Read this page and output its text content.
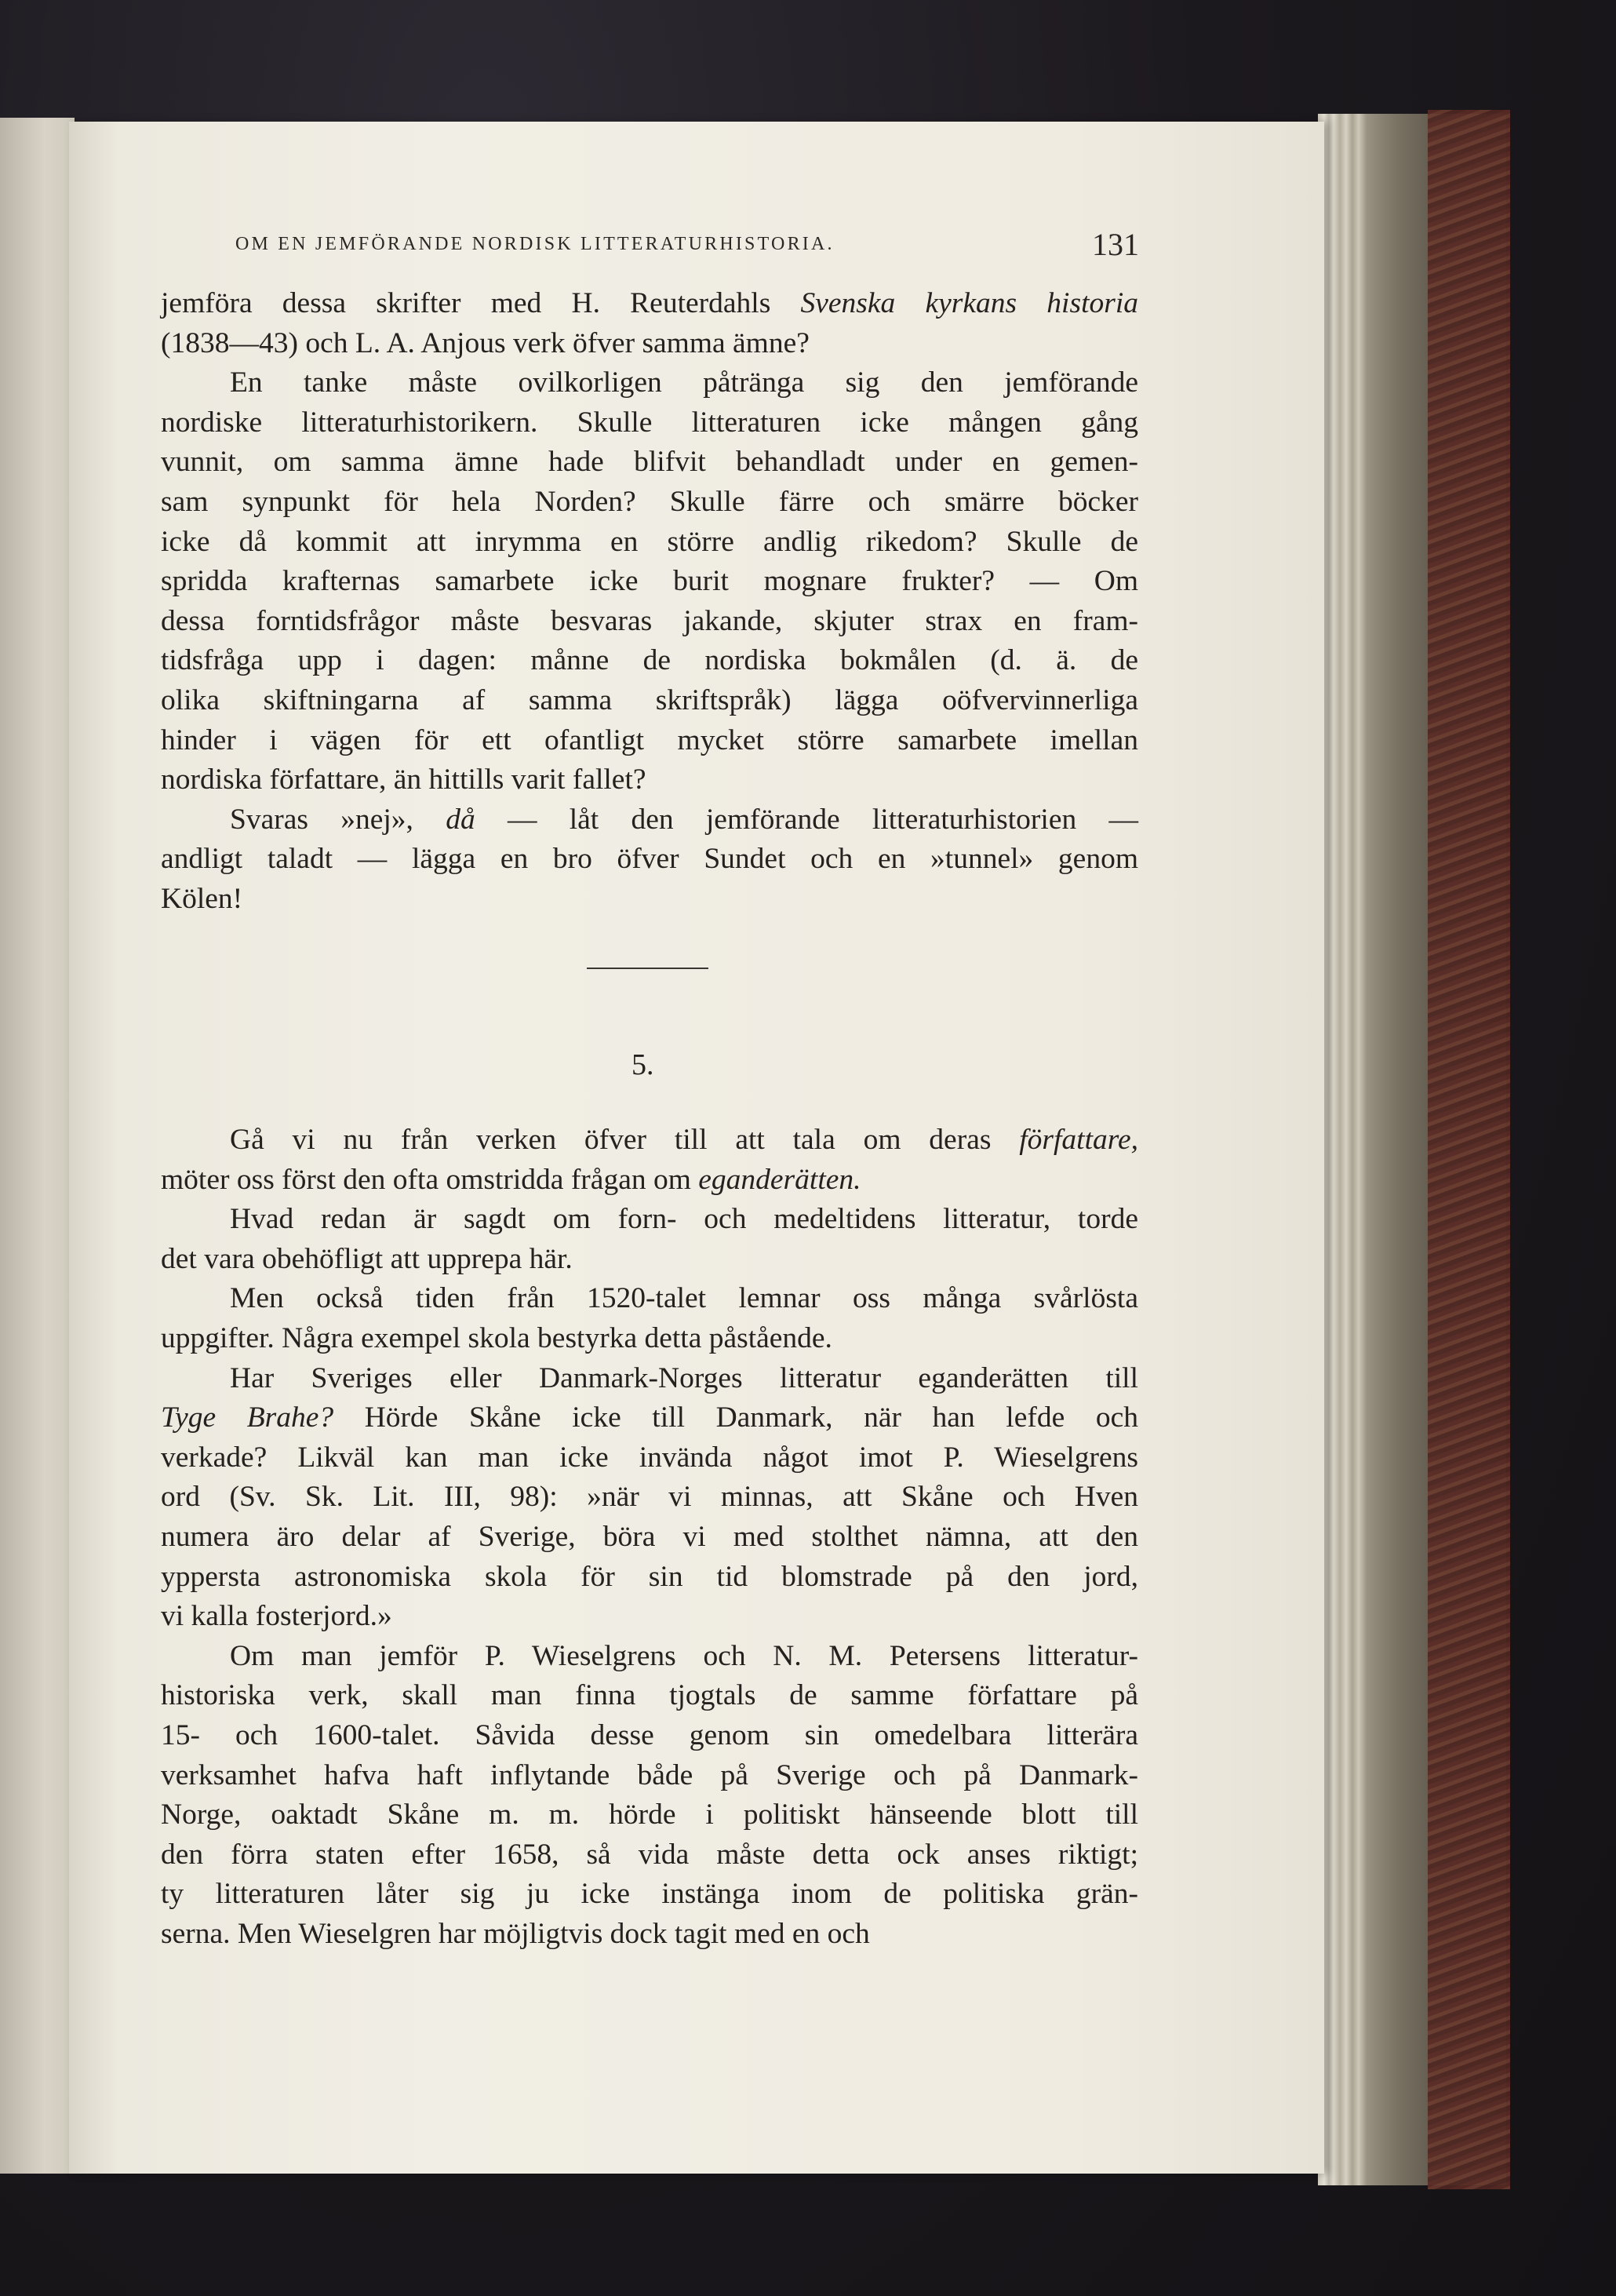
OM EN JEMFÖRANDE NORDISK LITTERATURHISTORIA.	131
jemföra dessa skrifter med H. Reuterdahls Svenska kyrkans historia
(1838—43) och L. A. Anjous verk öfver samma ämne?
En tanke måste ovilkorligen påtränga sig den jemförande
nordiske litteraturhistorikern. Skulle litteraturen icke mången gång
vunnit, om samma ämne hade blifvit behandladt under en gemen-
sam synpunkt för hela Norden? Skulle färre och smärre böcker
icke då kommit att inrymma en större andlig rikedom? Skulle de
spridda krafternas samarbete icke burit mognare frukter? — Om
dessa forntidsfrågor måste besvaras jakande, skjuter strax en fram-
tidsfråga upp i dagen: månne de nordiska bokmålen (d. ä. de
olika skiftningarna af samma skriftspråk) lägga oöfvervinnerliga
hinder i vägen för ett ofantligt mycket större samarbete imellan
nordiska författare, än hittills varit fallet?
Svaras »nej», då — låt den jemförande litteraturhistorien —
andligt taladt — lägga en bro öfver Sundet och en »tunnel» genom
Kölen!
5.
Gå vi nu från verken öfver till att tala om deras författare,
möter oss först den ofta omstridda frågan om eganderätten.
Hvad redan är sagdt om forn- och medeltidens litteratur, torde
det vara obehöfligt att upprepa här.
Men också tiden från 1520-talet lemnar oss många svårlösta
uppgifter. Några exempel skola bestyrka detta påstående.
Har Sveriges eller Danmark-Norges litteratur eganderätten till
Tyge Brahe? Hörde Skåne icke till Danmark, när han lefde och
verkade? Likväl kan man icke invända något imot P. Wieselgrens
ord (Sv. Sk. Lit. III, 98): »när vi minnas, att Skåne och Hven
numera äro delar af Sverige, böra vi med stolthet nämna, att den
yppersta astronomiska skola för sin tid blomstrade på den jord,
vi kalla fosterjord.»
Om man jemför P. Wieselgrens och N. M. Petersens litteratur-
historiska verk, skall man finna tjogtals de samme författare på
15- och 1600-talet. Såvida desse genom sin omedelbara litterära
verksamhet hafva haft inflytande både på Sverige och på Danmark-
Norge, oaktadt Skåne m. m. hörde i politiskt hänseende blott till
den förra staten efter 1658, så vida måste detta ock anses riktigt;
ty litteraturen låter sig ju icke instänga inom de politiska grän-
serna. Men Wieselgren har möjligtvis dock tagit med en och
